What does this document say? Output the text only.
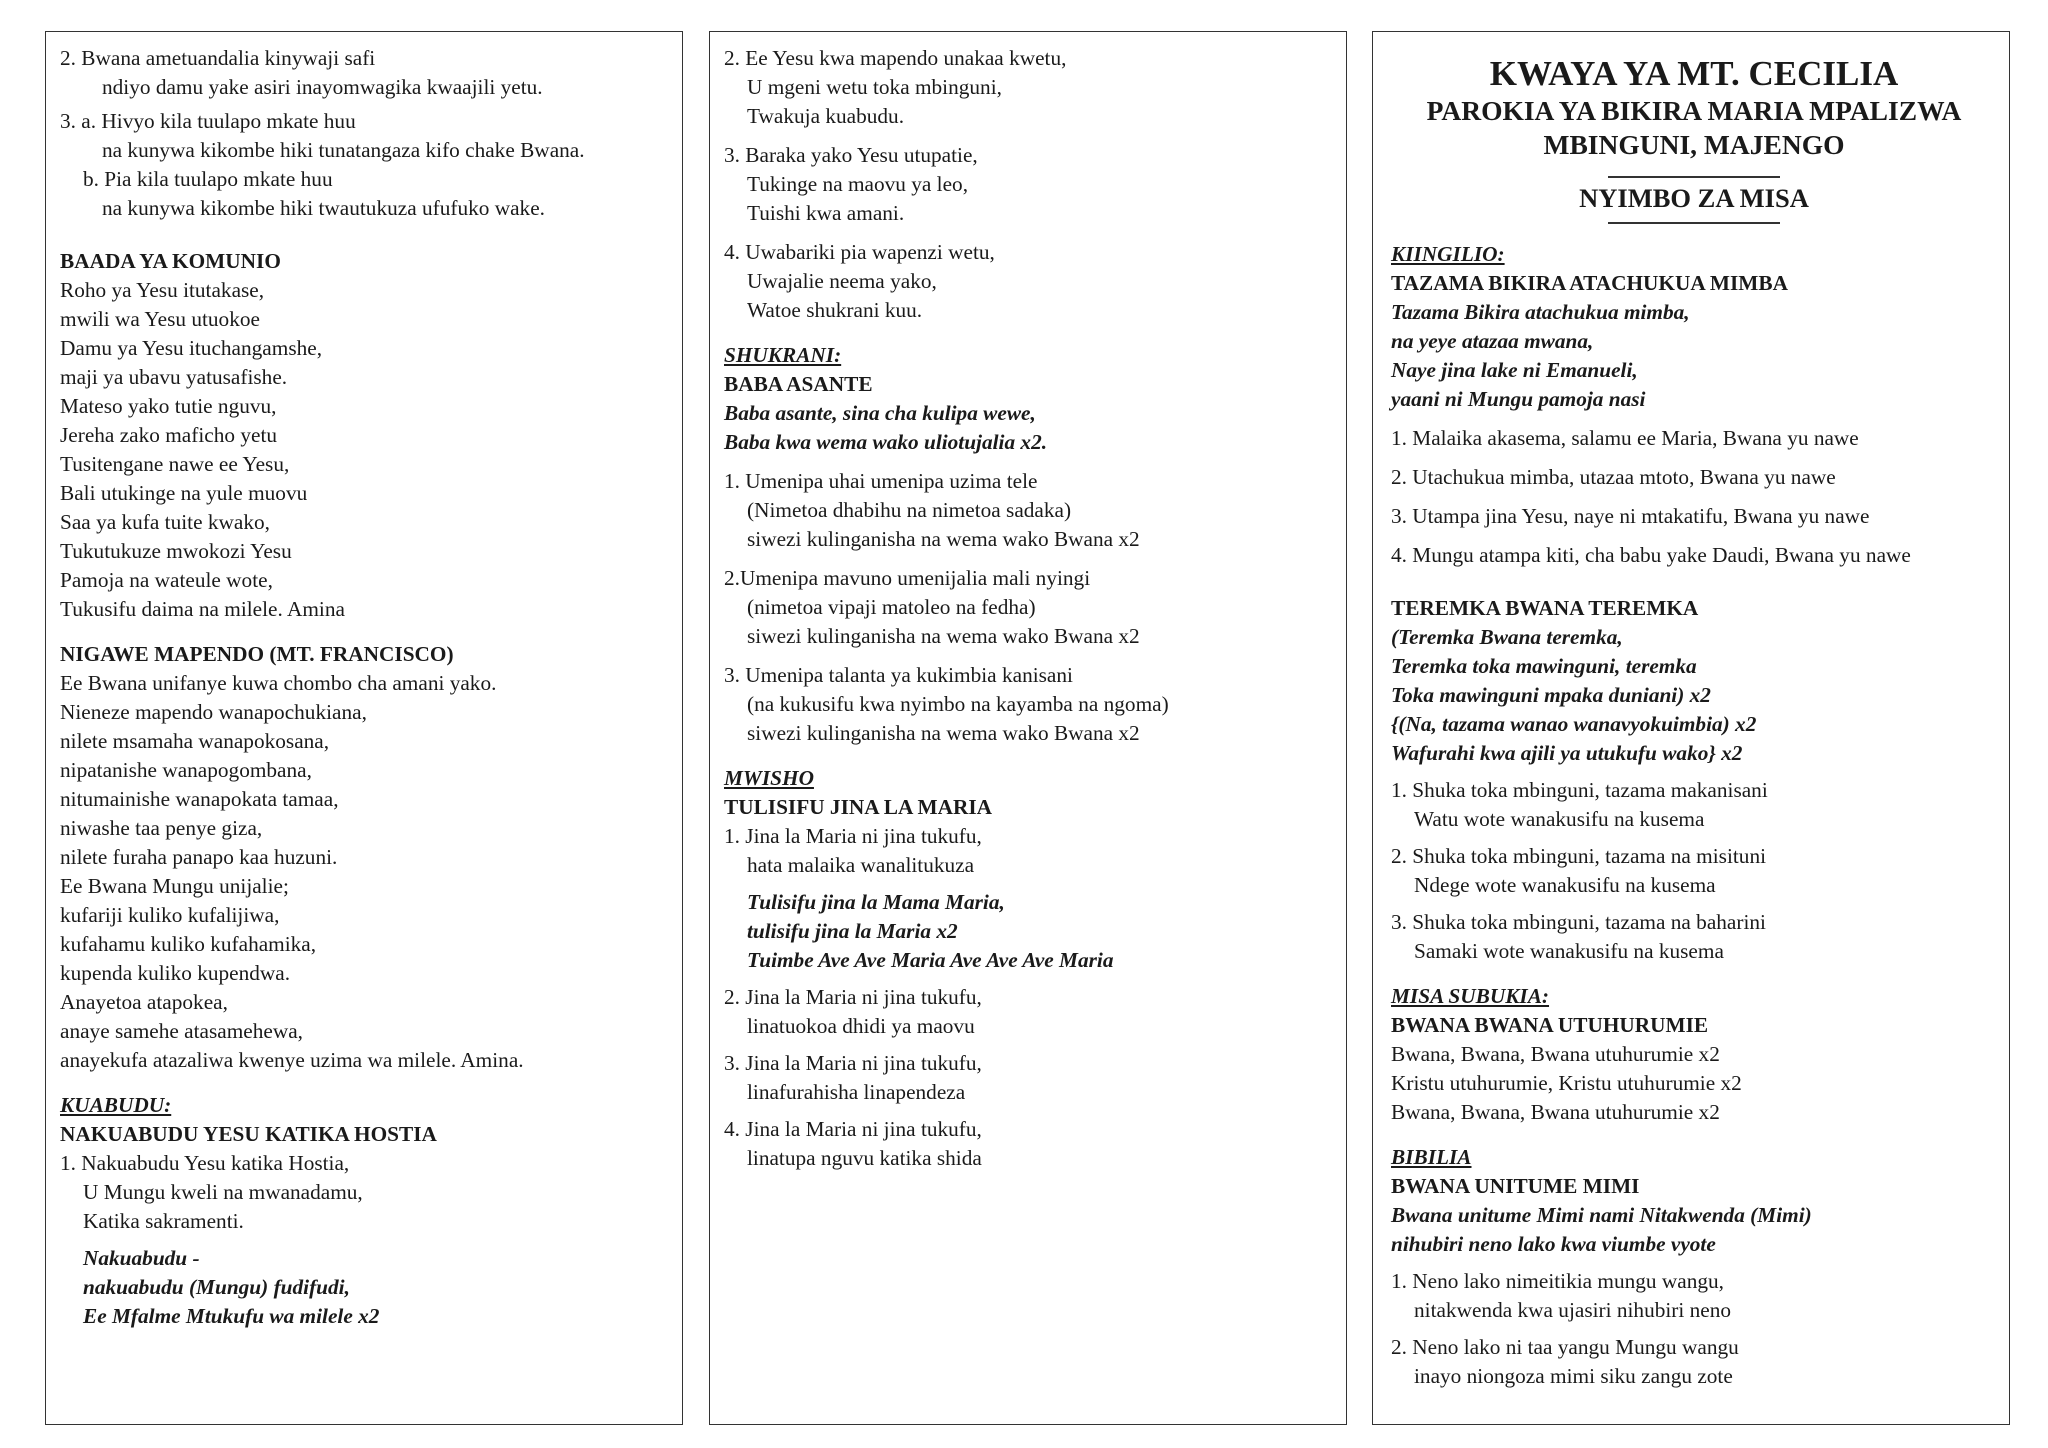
2. Bwana ametuandalia kinywaji safi
ndiyo damu yake asiri inayomwagika kwaajili yetu.
3. a. Hivyo kila tuulapo mkate huu
na kunywa kikombe hiki tunatangaza kifo chake Bwana.
b. Pia kila tuulapo mkate huu
na kunywa kikombe hiki twautukuza ufufuko wake.
BAADA YA KOMUNIO
Roho ya Yesu itutakase,
mwili wa Yesu utuokoe
Damu ya Yesu ituchangamshe,
maji ya ubavu yatusafishe.
Mateso yako tutie nguvu,
Jereha zako maficho yetu
Tusitengane nawe ee Yesu,
Bali utukinge na yule muovu
Saa ya kufa tuite kwako,
Tukutukuze mwokozi Yesu
Pamoja na wateule wote,
Tukusifu daima na milele. Amina
NIGAWE MAPENDO (MT. FRANCISCO)
Ee Bwana unifanye kuwa chombo cha amani yako.
Nieneze mapendo wanapochukiana,
nilete msamaha wanapokosana,
nipatanishe wanapogombana,
nitumainishe wanapokata tamaa,
niwashe taa penye giza,
nilete furaha panapo kaa huzuni.
Ee Bwana Mungu unijalie;
kufariji kuliko kufalijiwa,
kufahamu kuliko kufahamika,
kupenda kuliko kupendwa.
Anayetoa atapokea,
anaye samehe atasamehewa,
anayekufa atazaliwa kwenye uzima wa milele. Amina.
KUABUDU:
NAKUABUDU YESU KATIKA HOSTIA
1. Nakuabudu Yesu katika Hostia,
U Mungu kweli na mwanadamu,
Katika sakramenti.
Nakuabudu -
nakuabudu (Mungu) fudifudi,
Ee Mfalme Mtukufu wa milele x2
2. Ee Yesu kwa mapendo unakaa kwetu,
U mgeni wetu toka mbinguni,
Twakuja kuabudu.
3. Baraka yako Yesu utupatie,
Tukinge na maovu ya leo,
Tuishi kwa amani.
4. Uwabariki pia wapenzi wetu,
Uwajalie neema yako,
Watoe shukrani kuu.
SHUKRANI:
BABA ASANTE
Baba asante, sina cha kulipa wewe,
Baba kwa wema wako uliotujalia x2.
1. Umenipa uhai umenipa uzima tele
(Nimetoa dhabihu na nimetoa sadaka)
siwezi kulinganisha na wema wako Bwana x2
2.Umenipa mavuno umenijalia mali nyingi
(nimetoa vipaji matoleo na fedha)
siwezi kulinganisha na wema wako Bwana x2
3. Umenipa talanta ya kukimbia kanisani
(na kukusifu kwa nyimbo na kayamba na ngoma)
siwezi kulinganisha na wema wako Bwana x2
MWISHO
TULISIFU JINA LA MARIA
1. Jina la Maria ni jina tukufu,
hata malaika wanalitukuza
Tulisifu jina la Mama Maria,
tulisifu jina la Maria x2
Tuimbe Ave Ave Maria Ave Ave Ave Maria
2. Jina la Maria ni jina tukufu,
linatuokoa dhidi ya maovu
3. Jina la Maria ni jina tukufu,
linafurahisha linapendeza
4. Jina la Maria ni jina tukufu,
linatupa nguvu katika shida
KWAYA YA MT. CECILIA
PAROKIA YA BIKIRA MARIA MPALIZWA
MBINGUNI, MAJENGO
NYIMBO ZA MISA
KIINGILIO:
TAZAMA BIKIRA ATACHUKUA MIMBA
Tazama Bikira atachukua mimba,
na yeye atazaa mwana,
Naye jina lake ni Emanueli,
yaani ni Mungu pamoja nasi
1. Malaika akasema, salamu ee Maria, Bwana yu nawe
2. Utachukua mimba, utazaa mtoto, Bwana yu nawe
3. Utampa jina Yesu, naye ni mtakatifu, Bwana yu nawe
4. Mungu atampa kiti, cha babu yake Daudi, Bwana yu nawe
TEREMKA BWANA TEREMKA
(Teremka Bwana teremka,
Teremka toka mawinguni, teremka
Toka mawinguni mpaka duniani) x2
{(Na, tazama wanao wanavyokuimbia) x2
Wafurahi kwa ajili ya utukufu wako} x2
1. Shuka toka mbinguni, tazama makanisani
Watu wote wanakusifu na kusema
2. Shuka toka mbinguni, tazama na misituni
Ndege wote wanakusifu na kusema
3. Shuka toka mbinguni, tazama na baharini
Samaki wote wanakusifu na kusema
MISA SUBUKIA:
BWANA BWANA UTUHURUMIE
Bwana, Bwana, Bwana utuhurumie x2
Kristu utuhurumie, Kristu utuhurumie x2
Bwana, Bwana, Bwana utuhurumie x2
BIBILIA
BWANA UNITUME MIMI
Bwana unitume Mimi nami Nitakwenda (Mimi)
nihubiri neno lako kwa viumbe vyote
1. Neno lako nimeitikia mungu wangu,
nitakwenda kwa ujasiri nihubiri neno
2. Neno lako ni taa yangu Mungu wangu
inayo niongoza mimi siku zangu zote
